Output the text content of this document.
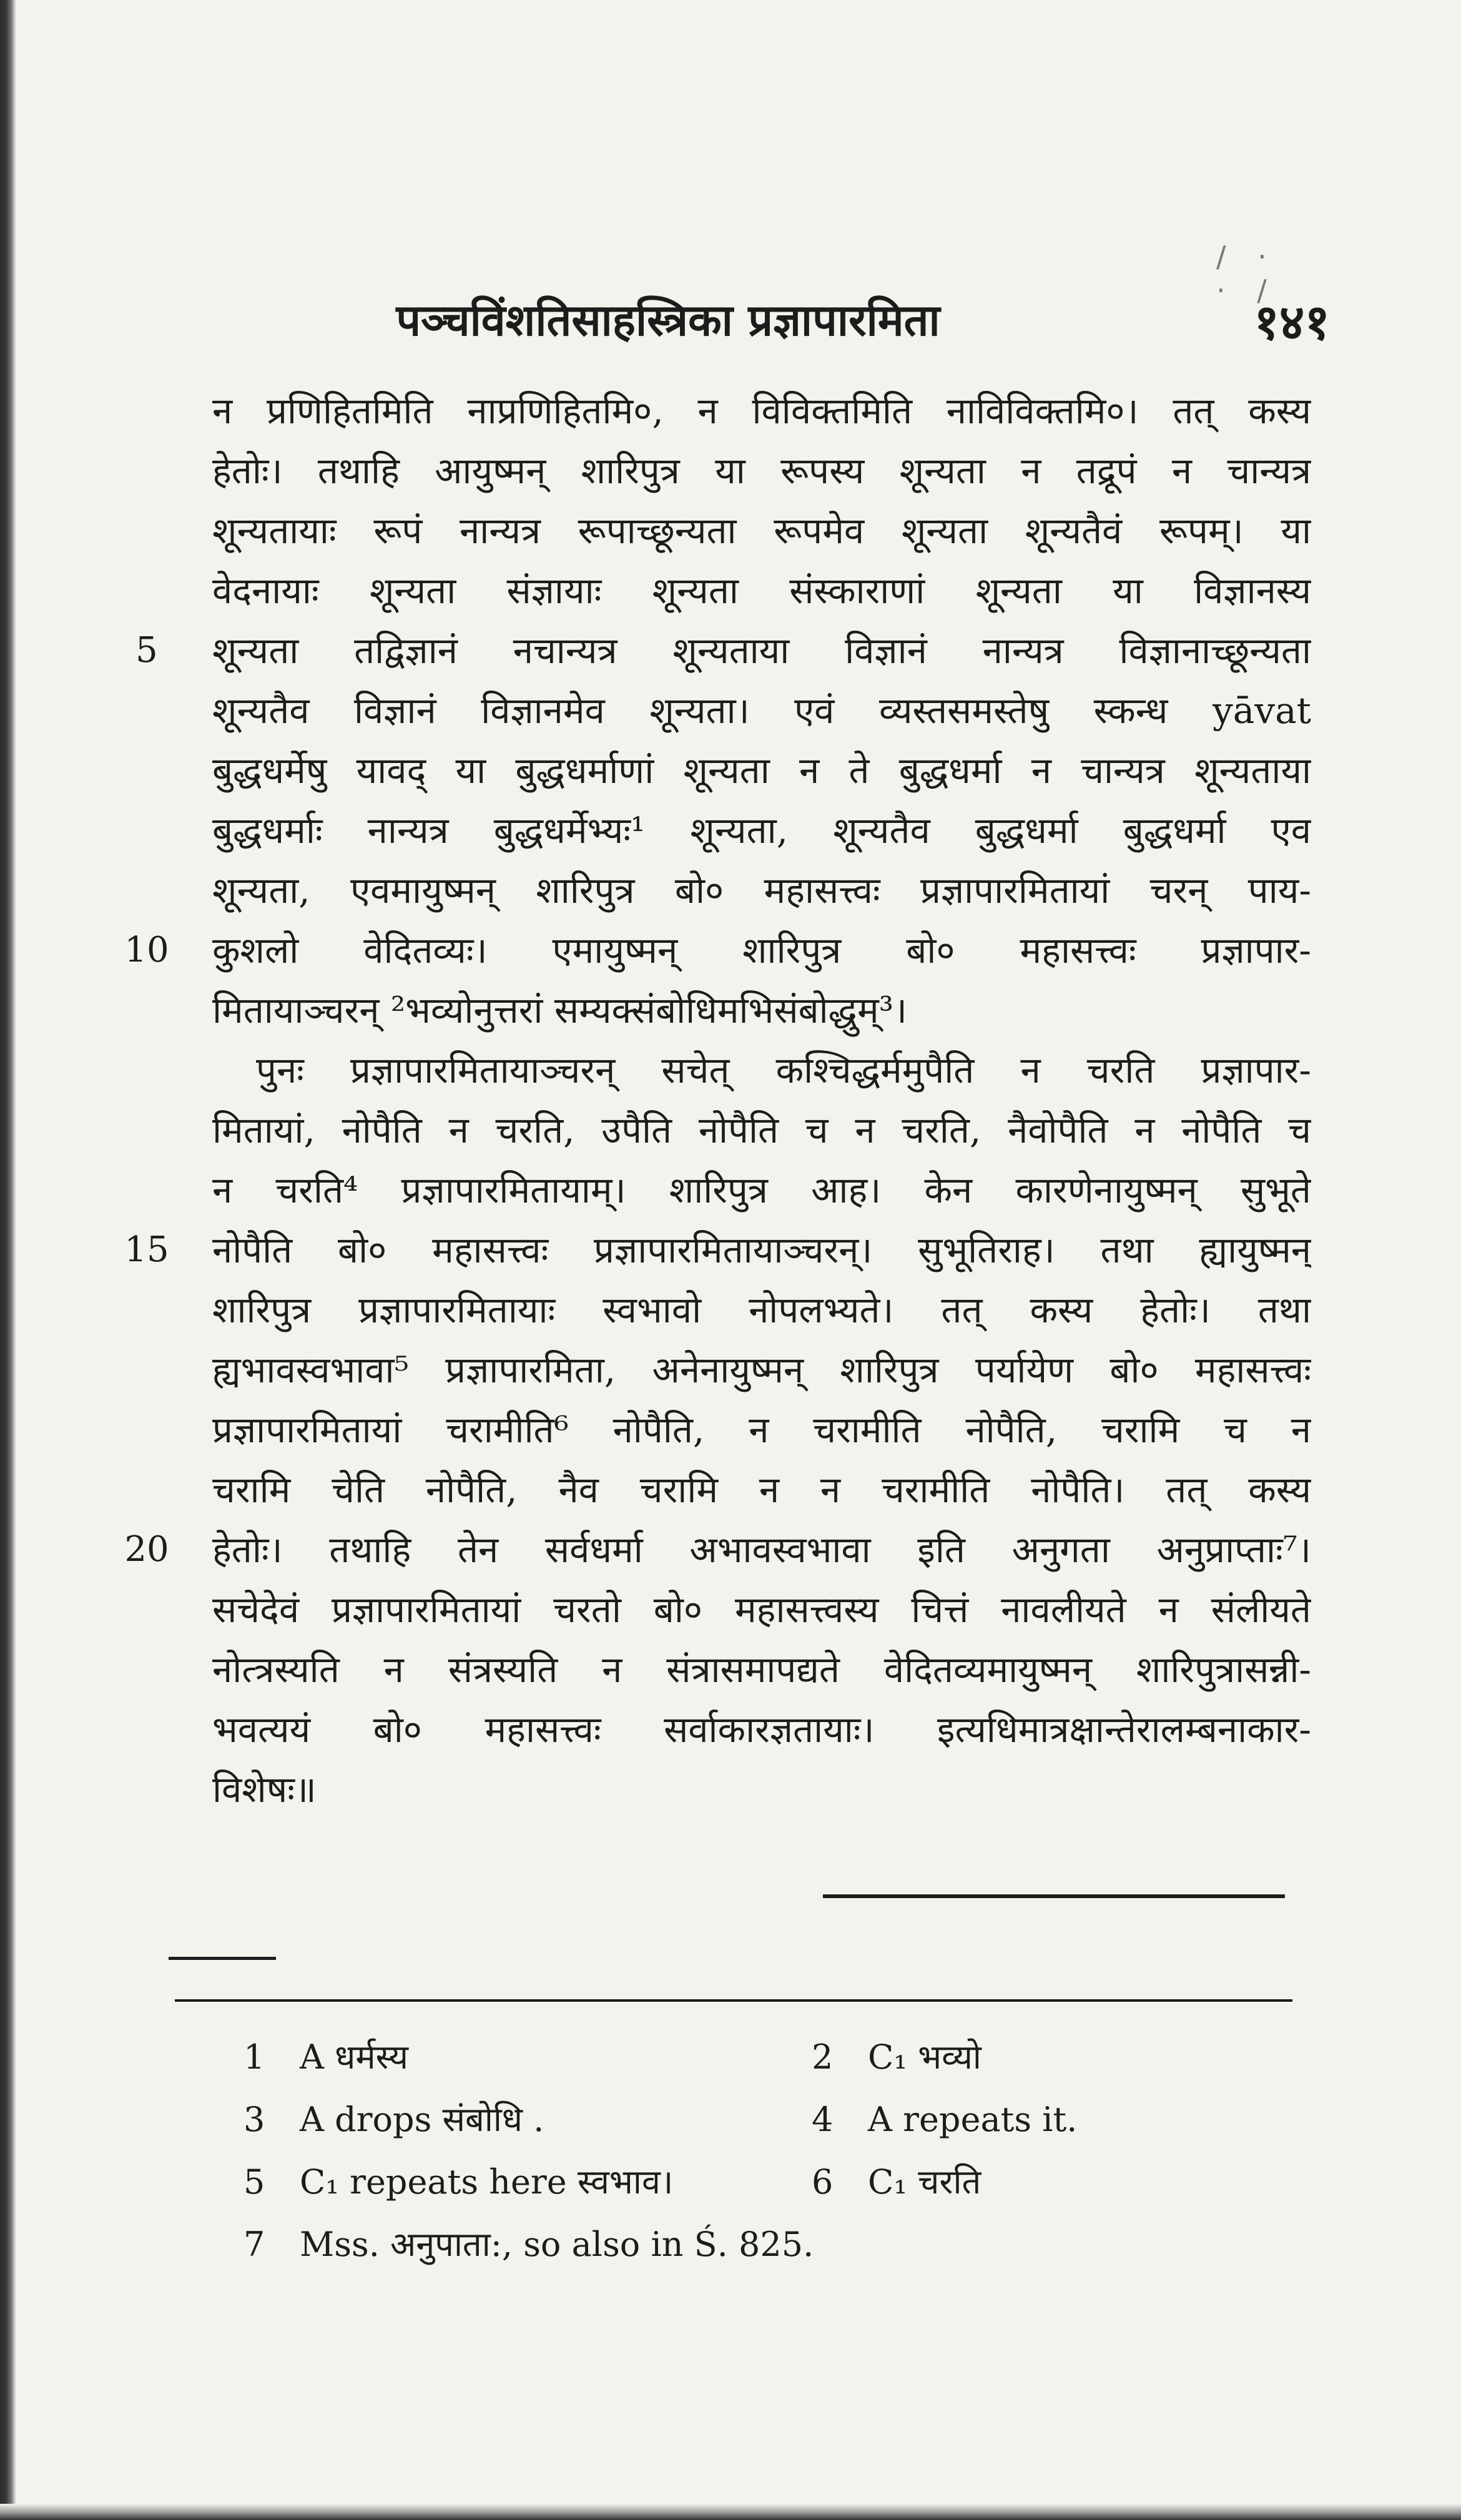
/ · · /
पञ्चविंशतिसाहस्त्रिका प्रज्ञापारमिता	१४१
न प्रणिहितमिति नाप्रणिहितमि०, न विविक्तमिति नाविविक्तमि०। तत् कस्य
हेतोः। तथाहि आयुष्मन् शारिपुत्र या रूपस्य शून्यता न तद्रूपं न चान्यत्र
शून्यतायाः रूपं नान्यत्र रूपाच्छून्यता रूपमेव शून्यता शून्यतैवं रूपम्। या
वेदनायाः शून्यता संज्ञायाः शून्यता संस्काराणां शून्यता या विज्ञानस्य
शून्यता तद्विज्ञानं नचान्यत्र शून्यताया विज्ञानं नान्यत्र विज्ञानाच्छून्यता
शून्यतैव विज्ञानं विज्ञानमेव शून्यता। एवं व्यस्तसमस्तेषु स्कन्ध yāvat
बुद्धधर्मेषु यावद् या बुद्धधर्माणां शून्यता न ते बुद्धधर्मा न चान्यत्र शून्यताया
बुद्धधर्माः नान्यत्र बुद्धधर्मेभ्यः¹ शून्यता, शून्यतैव बुद्धधर्मा बुद्धधर्मा एव
शून्यता, एवमायुष्मन् शारिपुत्र बो० महासत्त्वः प्रज्ञापारमितायां चरन् पाय-
कुशलो वेदितव्यः। एमायुष्मन् शारिपुत्र बो० महासत्त्वः प्रज्ञापार-
मितायाञ्चरन् ²भव्योनुत्तरां सम्यक्संबोधिमभिसंबोद्धुम्³।
पुनः प्रज्ञापारमितायाञ्चरन् सचेत् कश्चिद्धर्ममुपैति न चरति प्रज्ञापार-
मितायां, नोपैति न चरति, उपैति नोपैति च न चरति, नैवोपैति न नोपैति च
न चरति⁴ प्रज्ञापारमितायाम्। शारिपुत्र आह। केन कारणेनायुष्मन् सुभूते
नोपैति बो० महासत्त्वः प्रज्ञापारमितायाञ्चरन्। सुभूतिराह। तथा ह्यायुष्मन्
शारिपुत्र प्रज्ञापारमितायाः स्वभावो नोपलभ्यते। तत् कस्य हेतोः। तथा
ह्यभावस्वभावा⁵ प्रज्ञापारमिता, अनेनायुष्मन् शारिपुत्र पर्यायेण बो० महासत्त्वः
प्रज्ञापारमितायां चरामीति⁶ नोपैति, न चरामीति नोपैति, चरामि च न
चरामि चेति नोपैति, नैव चरामि न न चरामीति नोपैति। तत् कस्य
हेतोः। तथाहि तेन सर्वधर्मा अभावस्वभावा इति अनुगता अनुप्राप्ताः⁷।
सचेदेवं प्रज्ञापारमितायां चरतो बो० महासत्त्वस्य चित्तं नावलीयते न संलीयते
नोत्त्रस्यति न संत्रस्यति न संत्रासमापद्यते वेदितव्यमायुष्मन् शारिपुत्रासन्नी-
भवत्ययं बो० महासत्त्वः सर्वाकारज्ञतायाः। इत्यधिमात्रक्षान्तेरालम्बनाकार-
विशेषः॥
5
10
15
20
1 A धर्मस्य	2 C₁ भव्यो
3 A drops संबोधि .	4 A repeats it.
5 C₁ repeats here स्वभाव।	6 C₁ चरति
7 Mss. अनुपाता:, so also in Ś. 825.
